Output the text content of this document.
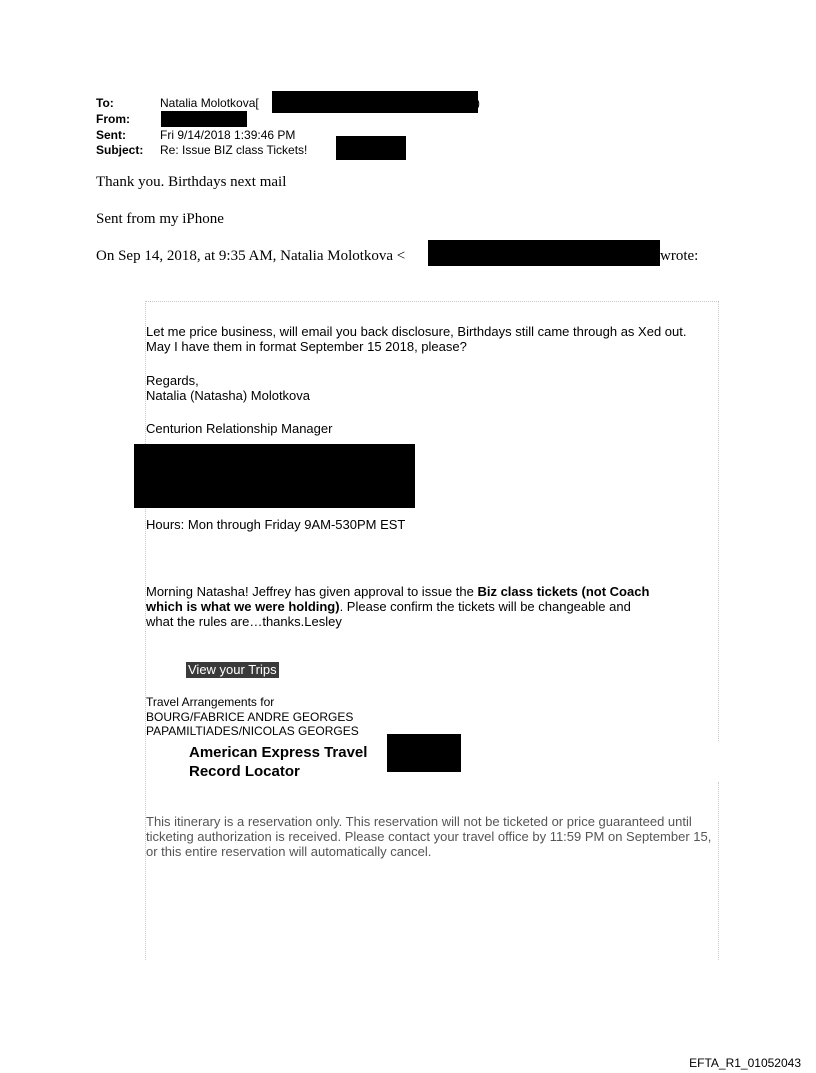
To:	Natalia Molotkova[	)
From:
Sent:	Fri 9/14/2018 1:39:46 PM
Subject: Re: Issue BIZ class Tickets!
Thank you. Birthdays next mail
Sent from my iPhone
On Sep 14, 2018, at 9:35 AM, Natalia Molotkova <	wrote:
Let me price business, will email you back disclosure, Birthdays still came through as Xed out. May I have them in format September 15 2018, please?
Regards,
Natalia (Natasha) Molotkova
Centurion Relationship Manager
Hours: Mon through Friday 9AM-530PM EST
Morning Natasha! Jeffrey has given approval to issue the Biz class tickets (not Coach which is what we were holding). Please confirm the tickets will be changeable and what the rules are…thanks.Lesley
View your Trips
Travel Arrangements for
BOURG/FABRICE ANDRE GEORGES
PAPAMILTIADES/NICOLAS GEORGES
American Express Travel
Record Locator
This itinerary is a reservation only. This reservation will not be ticketed or price guaranteed until ticketing authorization is received. Please contact your travel office by 11:59 PM on September 15, or this entire reservation will automatically cancel.
EFTA_R1_01052043
